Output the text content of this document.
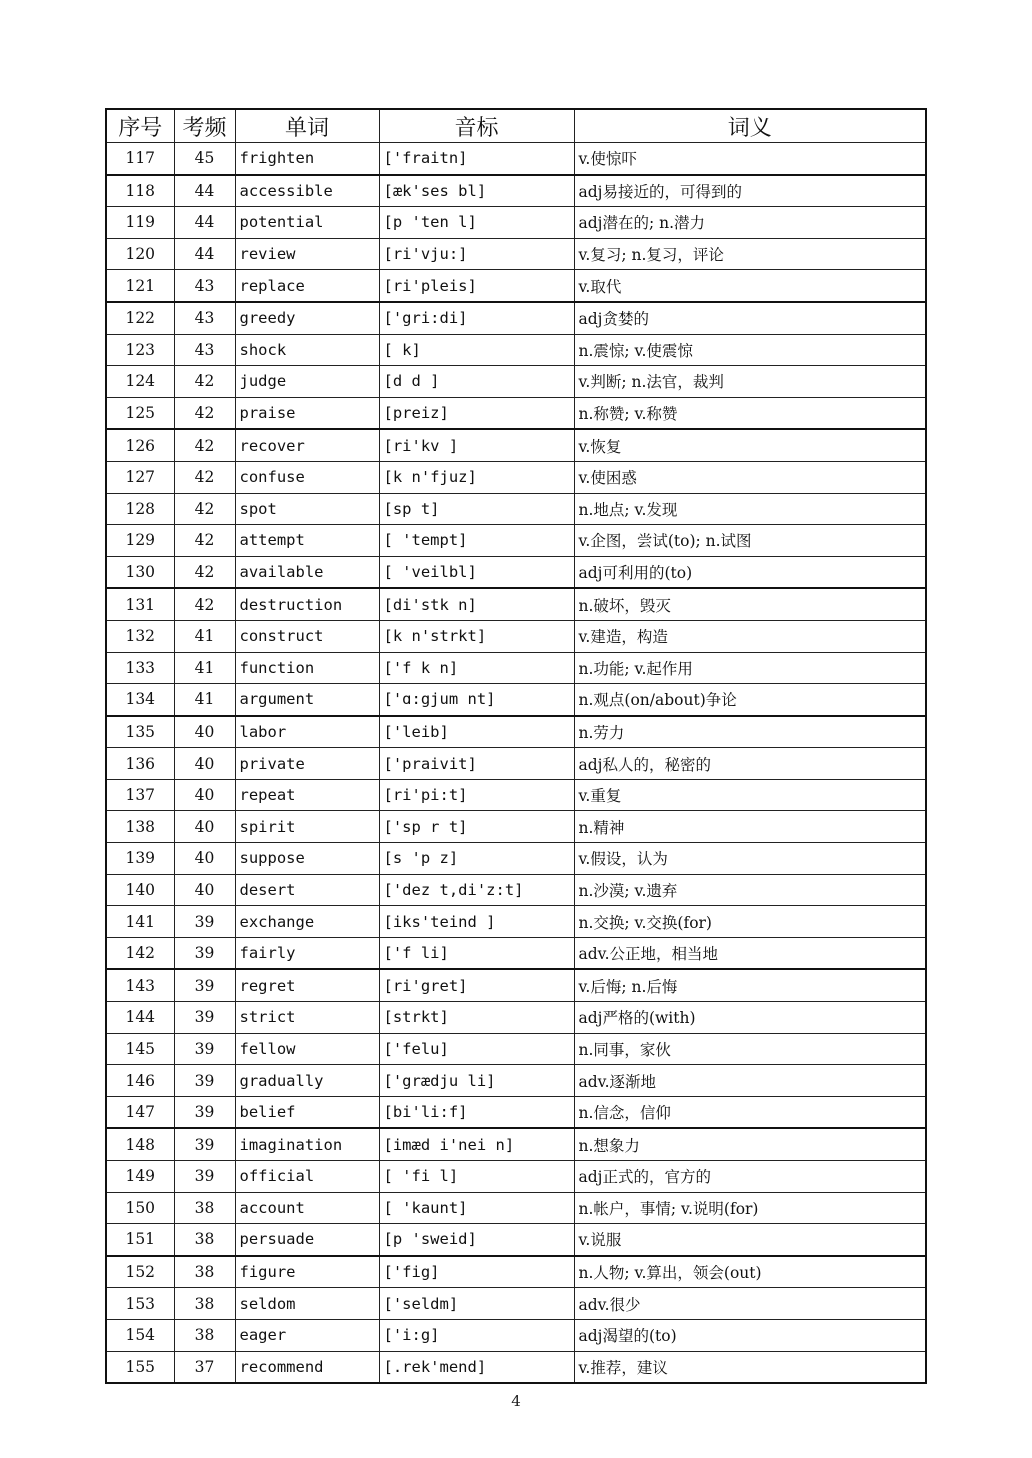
序号	考频	单词	音标	词义
117	45	frighten	['fraitn]	v.使惊吓
118	44	accessible	[æk'ses bl]	adj易接近的，可得到的
119	44	potential	[p 'ten l]	adj潜在的; n.潜力
120	44	review	[ri'vju:]	v.复习; n.复习，评论
121	43	replace	[ri'pleis]	v.取代
122	43	greedy	['gri:di]	adj贪婪的
123	43	shock	[ k]	n.震惊; v.使震惊
124	42	judge	[d d ]	v.判断; n.法官，裁判
125	42	praise	[preiz]	n.称赞; v.称赞
126	42	recover	[ri'kv ]	v.恢复
127	42	confuse	[k n'fjuz]	v.使困惑
128	42	spot	[sp t]	n.地点; v.发现
129	42	attempt	[ 'tempt]	v.企图，尝试(to); n.试图
130	42	available	[ 'veilbl]	adj可利用的(to)
131	42	destruction	[di'stk n]	n.破坏，毁灭
132	41	construct	[k n'strkt]	v.建造，构造
133	41	function	['f k n]	n.功能; v.起作用
134	41	argument	['ɑ:gjum nt]	n.观点(on/about)争论
135	40	labor	['leib]	n.劳力
136	40	private	['praivit]	adj私人的，秘密的
137	40	repeat	[ri'pi:t]	v.重复
138	40	spirit	['sp r t]	n.精神
139	40	suppose	[s 'p z]	v.假设，认为
140	40	desert	['dez t,di'z:t]	n.沙漠; v.遗弃
141	39	exchange	[iks'teind ]	n.交换; v.交换(for)
142	39	fairly	['f li]	adv.公正地，相当地
143	39	regret	[ri'gret]	v.后悔; n.后悔
144	39	strict	[strkt]	adj严格的(with)
145	39	fellow	['felu]	n.同事，家伙
146	39	gradually	['grædju li]	adv.逐渐地
147	39	belief	[bi'li:f]	n.信念，信仰
148	39	imagination	[imæd i'nei n]	n.想象力
149	39	official	[ 'fi l]	adj正式的，官方的
150	38	account	[ 'kaunt]	n.帐户，事情; v.说明(for)
151	38	persuade	[p 'sweid]	v.说服
152	38	figure	['fig]	n.人物; v.算出，领会(out)
153	38	seldom	['seldm]	adv.很少
154	38	eager	['i:g]	adj渴望的(to)
155	37	recommend	[.rek'mend]	v.推荐，建议
4
